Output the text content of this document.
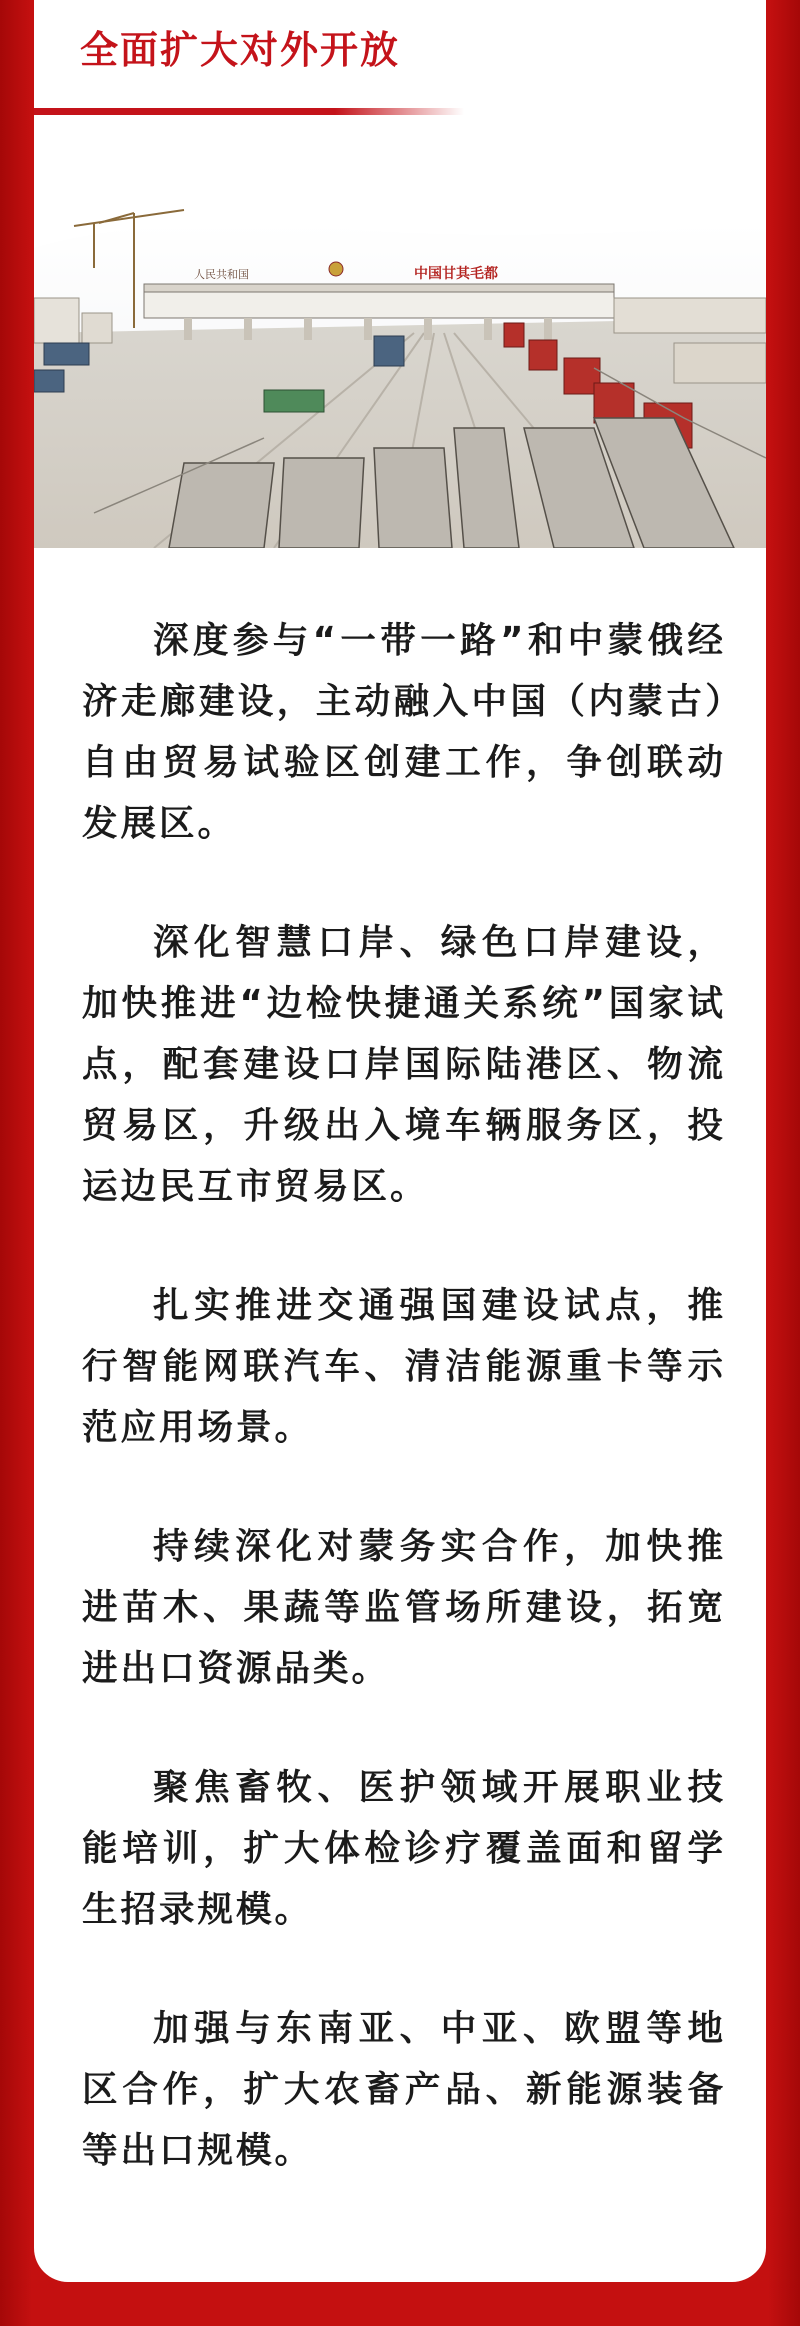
全面扩大对外开放
人民共和国	中国甘其毛都

深度参与“一带一路”和中蒙俄经济走廊建设，主动融入中国（内蒙古）自由贸易试验区创建工作，争创联动发展区。

深化智慧口岸、绿色口岸建设，加快推进“边检快捷通关系统”国家试点，配套建设口岸国际陆港区、物流贸易区，升级出入境车辆服务区，投运边民互市贸易区。

扎实推进交通强国建设试点，推行智能网联汽车、清洁能源重卡等示范应用场景。

持续深化对蒙务实合作，加快推进苗木、果蔬等监管场所建设，拓宽进出口资源品类。

聚焦畜牧、医护领域开展职业技能培训，扩大体检诊疗覆盖面和留学生招录规模。

加强与东南亚、中亚、欧盟等地区合作，扩大农畜产品、新能源装备等出口规模。
